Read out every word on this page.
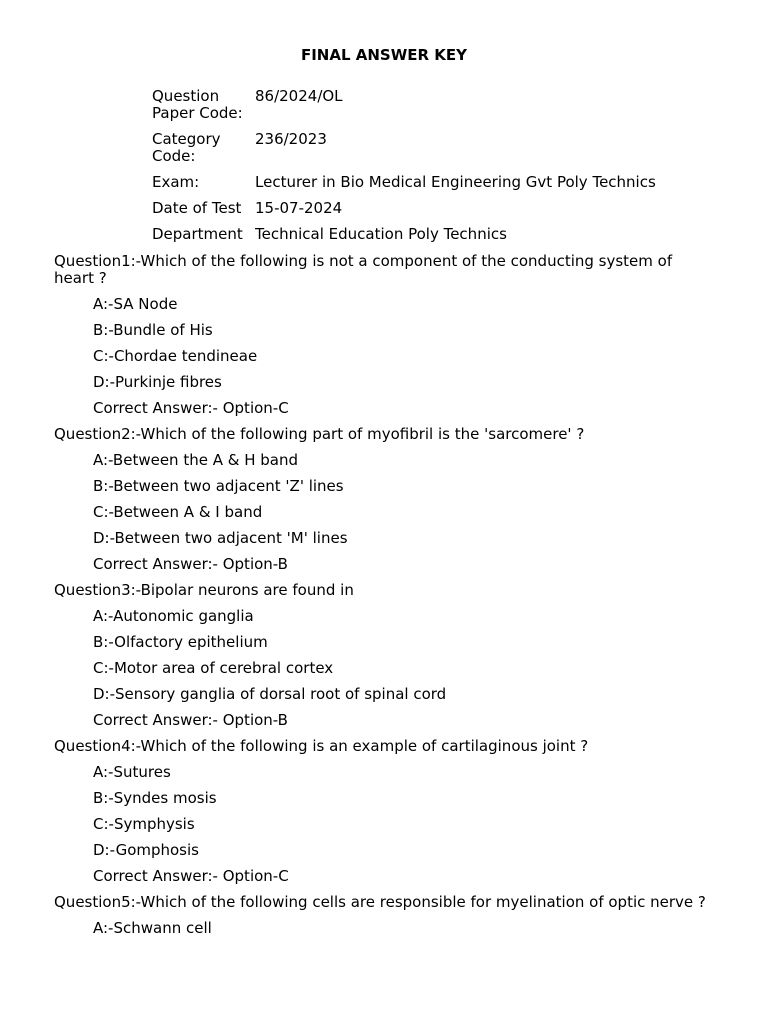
FINAL ANSWER KEY
Question Paper Code:	86/2024/OL
Category Code:	236/2023
Exam:	Lecturer in Bio Medical Engineering Gvt Poly Technics
Date of Test	15-07-2024
Department	Technical Education Poly Technics
Question1:-Which of the following is not a component of the conducting system of heart ?
A:-SA Node
B:-Bundle of His
C:-Chordae tendineae
D:-Purkinje fibres
Correct Answer:- Option-C
Question2:-Which of the following part of myofibril is the 'sarcomere' ?
A:-Between the A & H band
B:-Between two adjacent 'Z' lines
C:-Between A & I band
D:-Between two adjacent 'M' lines
Correct Answer:- Option-B
Question3:-Bipolar neurons are found in
A:-Autonomic ganglia
B:-Olfactory epithelium
C:-Motor area of cerebral cortex
D:-Sensory ganglia of dorsal root of spinal cord
Correct Answer:- Option-B
Question4:-Which of the following is an example of cartilaginous joint ?
A:-Sutures
B:-Syndes mosis
C:-Symphysis
D:-Gomphosis
Correct Answer:- Option-C
Question5:-Which of the following cells are responsible for myelination of optic nerve ?
A:-Schwann cell
